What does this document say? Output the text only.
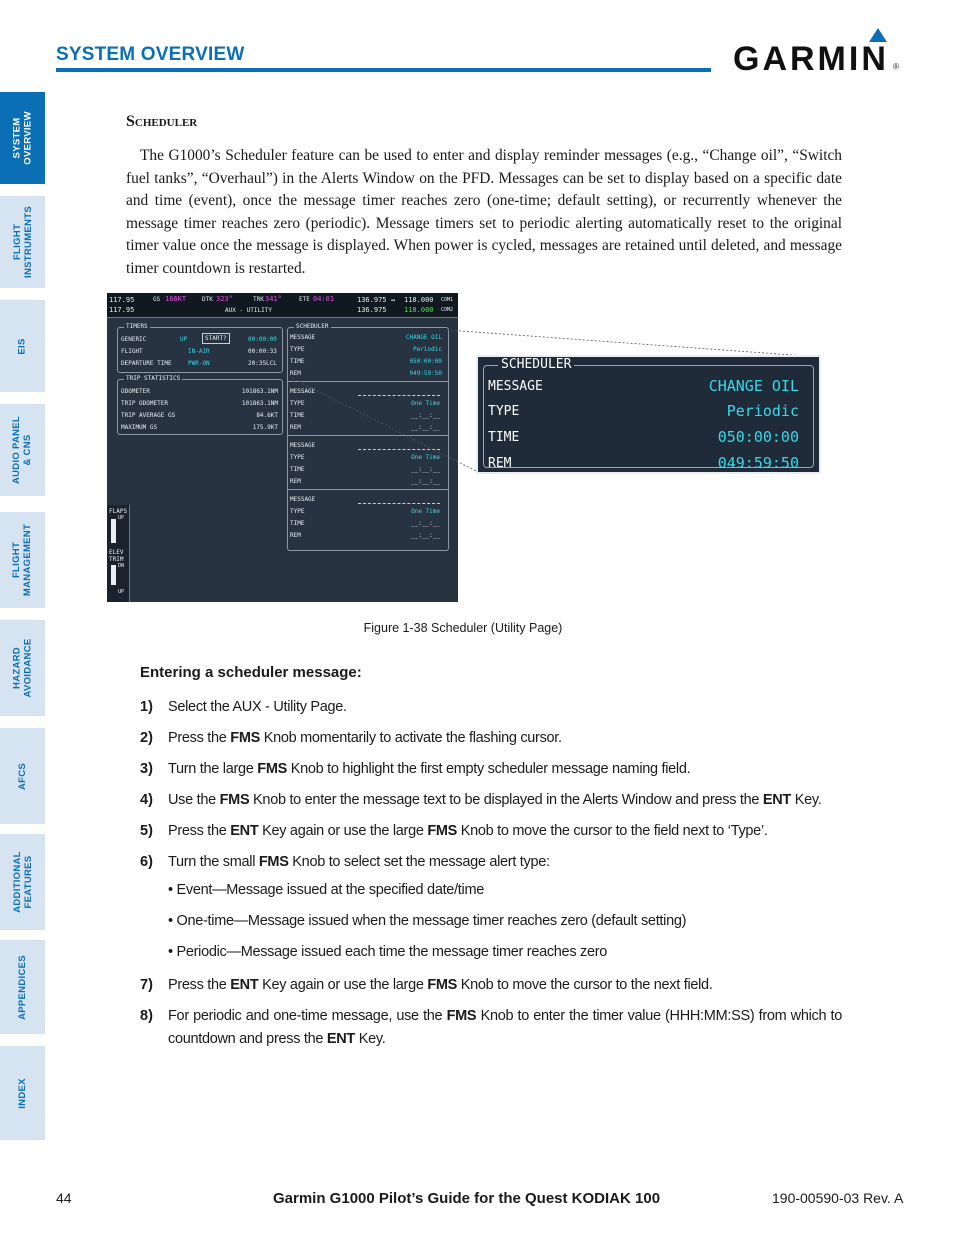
SYSTEM OVERVIEW	GARMIN ®
SYSTEM
OVERVIEW
FLIGHT
INSTRUMENTS
EIS
AUDIO PANEL
& CNS
FLIGHT
MANAGEMENT
HAZARD
AVOIDANCE
AFCS
ADDITIONAL
FEATURES
APPENDICES
INDEX
Scheduler

The G1000’s Scheduler feature can be used to enter and display reminder messages (e.g., “Change oil”, “Switch fuel tanks”, “Overhaul”) in the Alerts Window on the PFD. Messages can be set to display based on a specific date and time (event), once the message timer reaches zero (one-time; default setting), or recurrently whenever the message timer reaches zero (periodic). Message timers set to periodic alerting automatically reset to the original timer value once the message is displayed. When power is cycled, messages are retained until deleted, and message timer countdown is restarted.

117.95
117.95
GS 166KT	DTK 323°	TRK 341°	ETE 04:01
AUX - UTILITY
136.975 ↔ 118.000 COM1
136.975 118.000 COM2
TIMERS
GENERIC	UP	START?	00:00:00
FLIGHT	IN-AIR	00:00:33
DEPARTURE TIME	PWR-ON	20:35LCL
TRIP STATISTICS
ODOMETER	101863.1NM
TRIP ODOMETER	101863.1NM
TRIP AVERAGE GS	84.6KT
MAXIMUM GS	175.9KT
SCHEDULER
MESSAGE	CHANGE OIL
TYPE	Periodic
TIME	050:00:00
REM	049:59:50
MESSAGE
TYPE	One Time
TIME	__:__:__
REM	__:__:__
MESSAGE
TYPE	One Time
TIME	__:__:__
REM	__:__:__
MESSAGE
TYPE	One Time
TIME	__:__:__
REM	__:__:__
FLAPS
UP
ELEV
TRIM
DN
UP
SCHEDULER
MESSAGE	CHANGE OIL
TYPE	Periodic
TIME	050:00:00
REM	049:59:50
Figure 1-38 Scheduler (Utility Page)
Entering a scheduler message:
1) Select the AUX - Utility Page.
2) Press the FMS Knob momentarily to activate the flashing cursor.
3) Turn the large FMS Knob to highlight the first empty scheduler message naming field.
4) Use the FMS Knob to enter the message text to be displayed in the Alerts Window and press the ENT Key.
5) Press the ENT Key again or use the large FMS Knob to move the cursor to the field next to ‘Type’.
6) Turn the small FMS Knob to select set the message alert type:
• Event—Message issued at the specified date/time
• One-time—Message issued when the message timer reaches zero (default setting)
• Periodic—Message issued each time the message timer reaches zero
7) Press the ENT Key again or use the large FMS Knob to move the cursor to the next field.
8) For periodic and one-time message, use the FMS Knob to enter the timer value (HHH:MM:SS) from which to countdown and press the ENT Key.
44	Garmin G1000 Pilot’s Guide for the Quest KODIAK 100	190-00590-03 Rev. A
